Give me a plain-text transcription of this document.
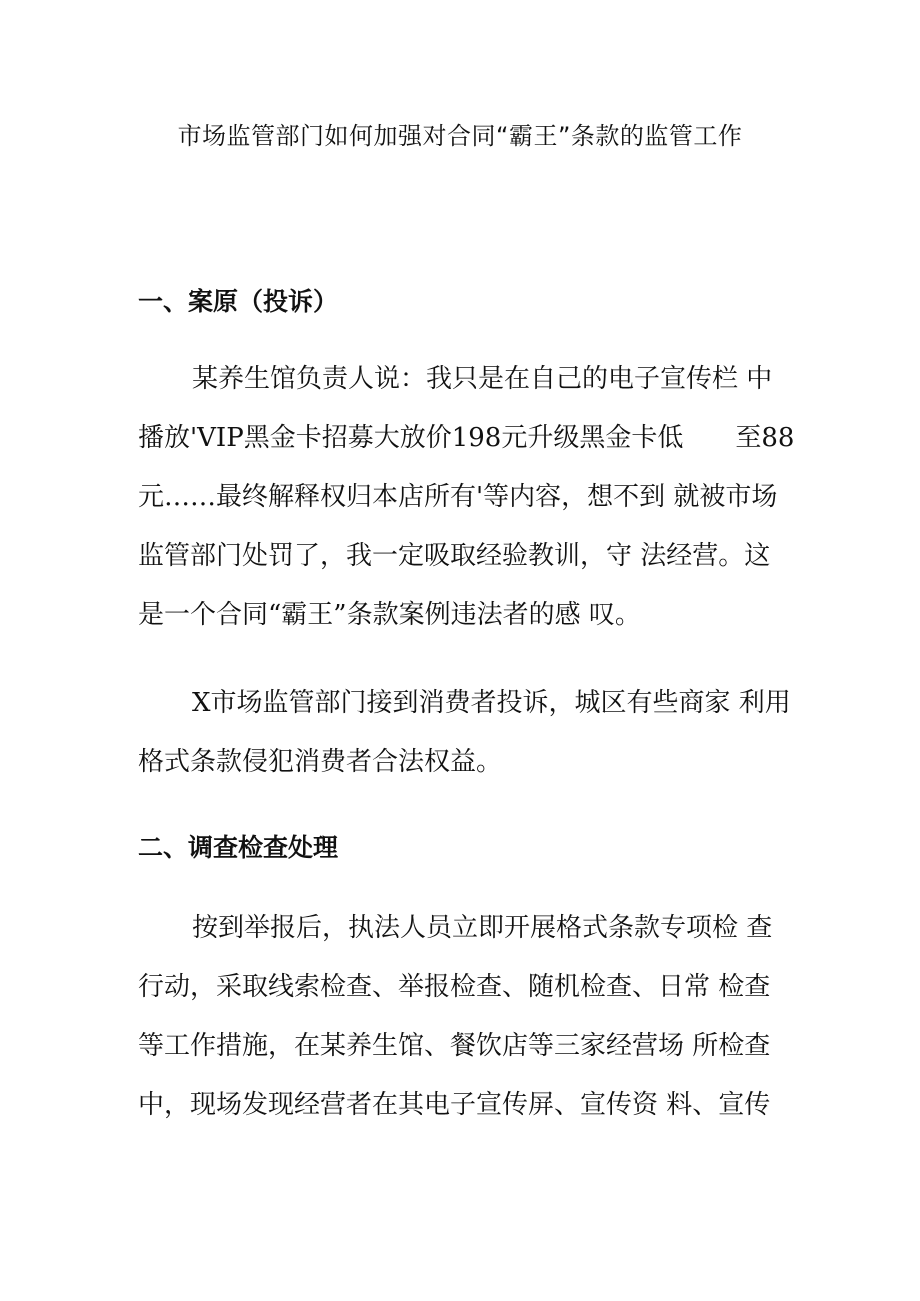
市场监管部门如何加强对合同“霸王”条款的监管工作
一、案原（投诉）
某养生馆负责人说：我只是在自己的电子宣传栏 中
播放'VIP黑金卡招募大放价198元升级黑金卡低　　至88
元……最终解释权归本店所有'等内容，想不到 就被市场
监管部门处罚了，我一定吸取经验教训，守 法经营。这
是一个合同“霸王”条款案例违法者的感 叹。
X市场监管部门接到消费者投诉，城区有些商家 利用
格式条款侵犯消费者合法权益。
二、调查检查处理
按到举报后，执法人员立即开展格式条款专项检 查
行动，采取线索检查、举报检查、随机检查、日常 检查
等工作措施，在某养生馆、餐饮店等三家经营场 所检查
中，现场发现经营者在其电子宣传屏、宣传资 料、宣传
